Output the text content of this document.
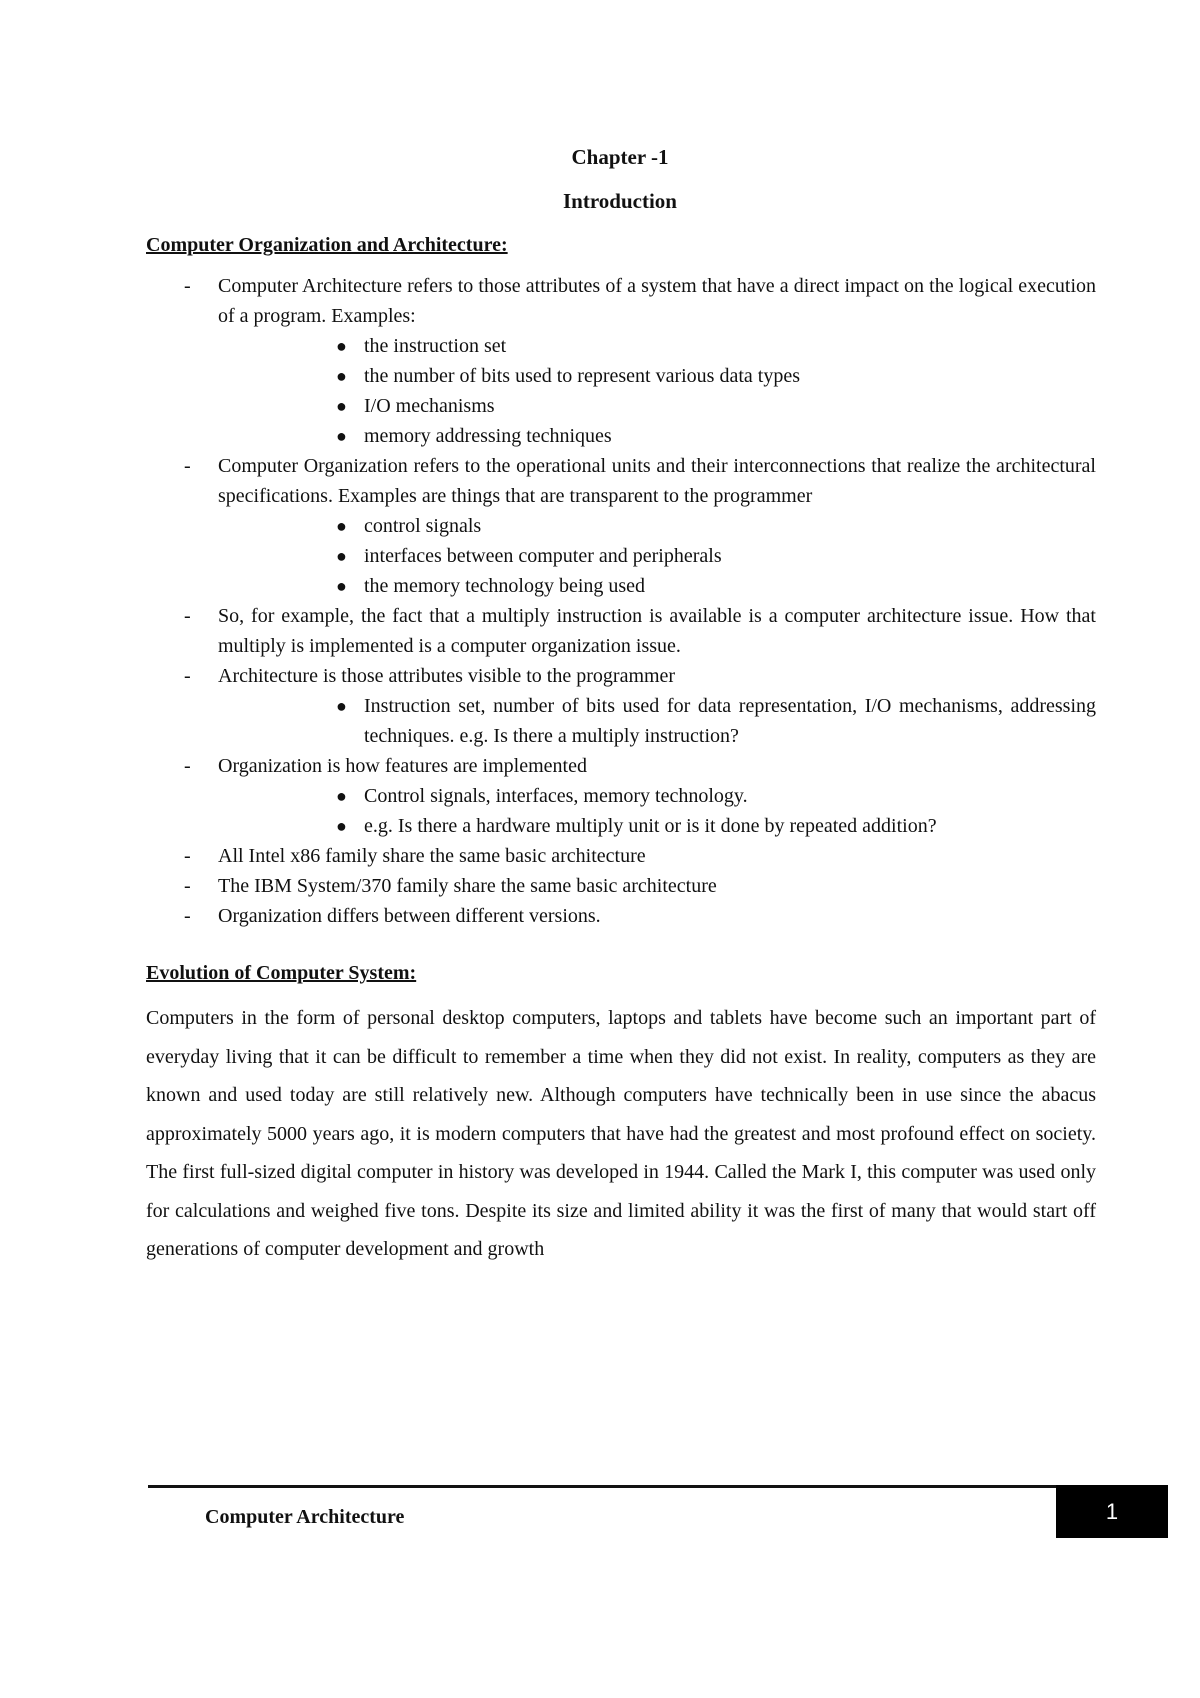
Chapter -1
Introduction
Computer Organization and Architecture:
- Computer Architecture refers to those attributes of a system that have a direct impact on the logical execution of a program. Examples:
● the instruction set
● the number of bits used to represent various data types
● I/O mechanisms
● memory addressing techniques
- Computer Organization refers to the operational units and their interconnections that realize the architectural specifications. Examples are things that are transparent to the programmer
● control signals
● interfaces between computer and peripherals
● the memory technology being used
- So, for example, the fact that a multiply instruction is available is a computer architecture issue. How that multiply is implemented is a computer organization issue.
- Architecture is those attributes visible to the programmer
● Instruction set, number of bits used for data representation, I/O mechanisms, addressing techniques. e.g. Is there a multiply instruction?
- Organization is how features are implemented
● Control signals, interfaces, memory technology.
● e.g. Is there a hardware multiply unit or is it done by repeated addition?
- All Intel x86 family share the same basic architecture
- The IBM System/370 family share the same basic architecture
- Organization differs between different versions.
Evolution of Computer System:

Computers in the form of personal desktop computers, laptops and tablets have become such an important part of everyday living that it can be difficult to remember a time when they did not exist. In reality, computers as they are known and used today are still relatively new. Although computers have technically been in use since the abacus approximately 5000 years ago, it is modern computers that have had the greatest and most profound effect on society. The first full-sized digital computer in history was developed in 1944. Called the Mark I, this computer was used only for calculations and weighed five tons. Despite its size and limited ability it was the first of many that would start off generations of computer development and growth

Computer Architecture	1
